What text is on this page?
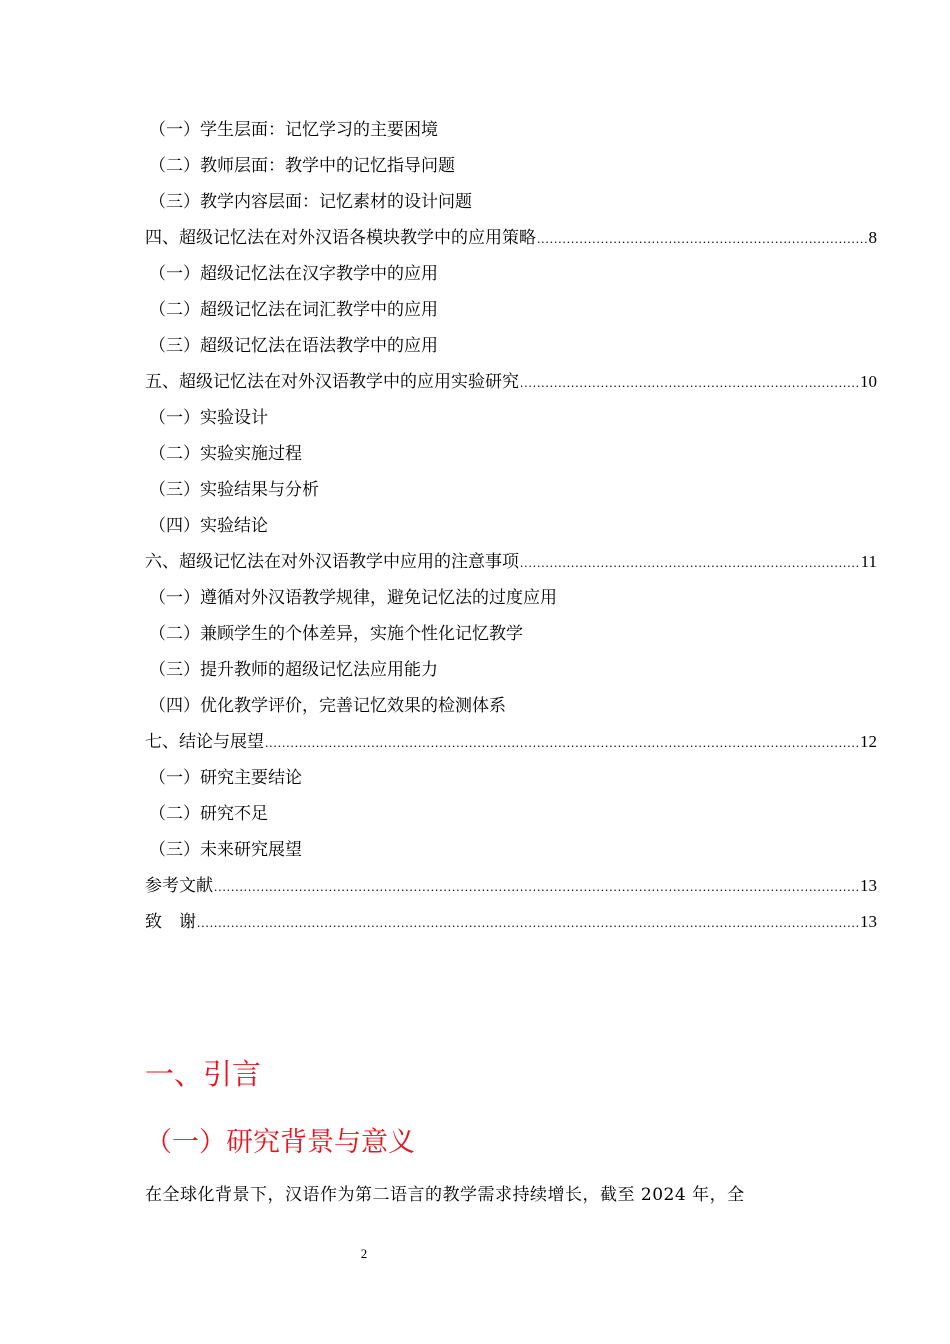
（一）学生层面：记忆学习的主要困境
（二）教师层面：教学中的记忆指导问题
（三）教学内容层面：记忆素材的设计问题
四、超级记忆法在对外汉语各模块教学中的应用策略 .....	8
（一）超级记忆法在汉字教学中的应用
（二）超级记忆法在词汇教学中的应用
（三）超级记忆法在语法教学中的应用
五、超级记忆法在对外汉语教学中的应用实验研究 .....	10
（一）实验设计
（二）实验实施过程
（三）实验结果与分析
（四）实验结论
六、超级记忆法在对外汉语教学中应用的注意事项 .....	11
（一）遵循对外汉语教学规律，避免记忆法的过度应用
（二）兼顾学生的个体差异，实施个性化记忆教学
（三）提升教师的超级记忆法应用能力
（四）优化教学评价，完善记忆效果的检测体系
七、结论与展望 .....	12
（一）研究主要结论
（二）研究不足
（三）未来研究展望
参考文献 .....	13
致　谢 .....	13
一、引言
（一）研究背景与意义
在全球化背景下，汉语作为第二语言的教学需求持续增长，截至 2024 年，全
2
